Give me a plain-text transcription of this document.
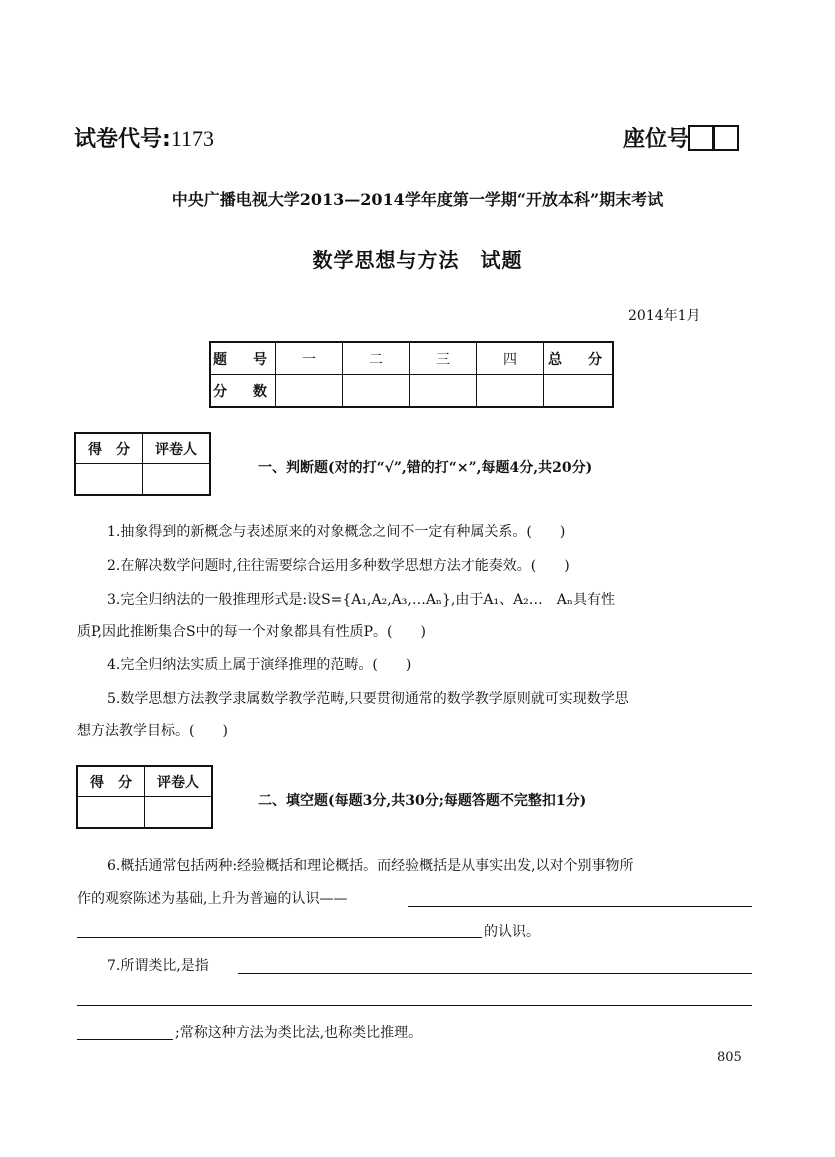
试卷代号:1173	座位号
中央广播电视大学2013—2014学年度第一学期“开放本科”期末考试
数学思想与方法　试题
2014年1月
题　号	一	二	三	四	总　分
分　数					
得　分	评卷人

一、判断题(对的打“√”,错的打“×”,每题4分,共20分)
1.抽象得到的新概念与表述原来的对象概念之间不一定有种属关系。(　　)
2.在解决数学问题时,往往需要综合运用多种数学思想方法才能奏效。(　　)
3.完全归纳法的一般推理形式是:设S={A₁,A₂,A₃,…Aₙ},由于A₁、A₂…　Aₙ具有性
质P,因此推断集合S中的每一个对象都具有性质P。(　　)
4.完全归纳法实质上属于演绎推理的范畴。(　　)
5.数学思想方法教学隶属数学教学范畴,只要贯彻通常的数学教学原则就可实现数学思
想方法教学目标。(　　)
得　分	评卷人

二、填空题(每题3分,共30分;每题答题不完整扣1分)
6.概括通常包括两种:经验概括和理论概括。而经验概括是从事实出发,以对个别事物所
作的观察陈述为基础,上升为普遍的认识——
的认识。
7.所谓类比,是指
;常称这种方法为类比法,也称类比推理。
805
